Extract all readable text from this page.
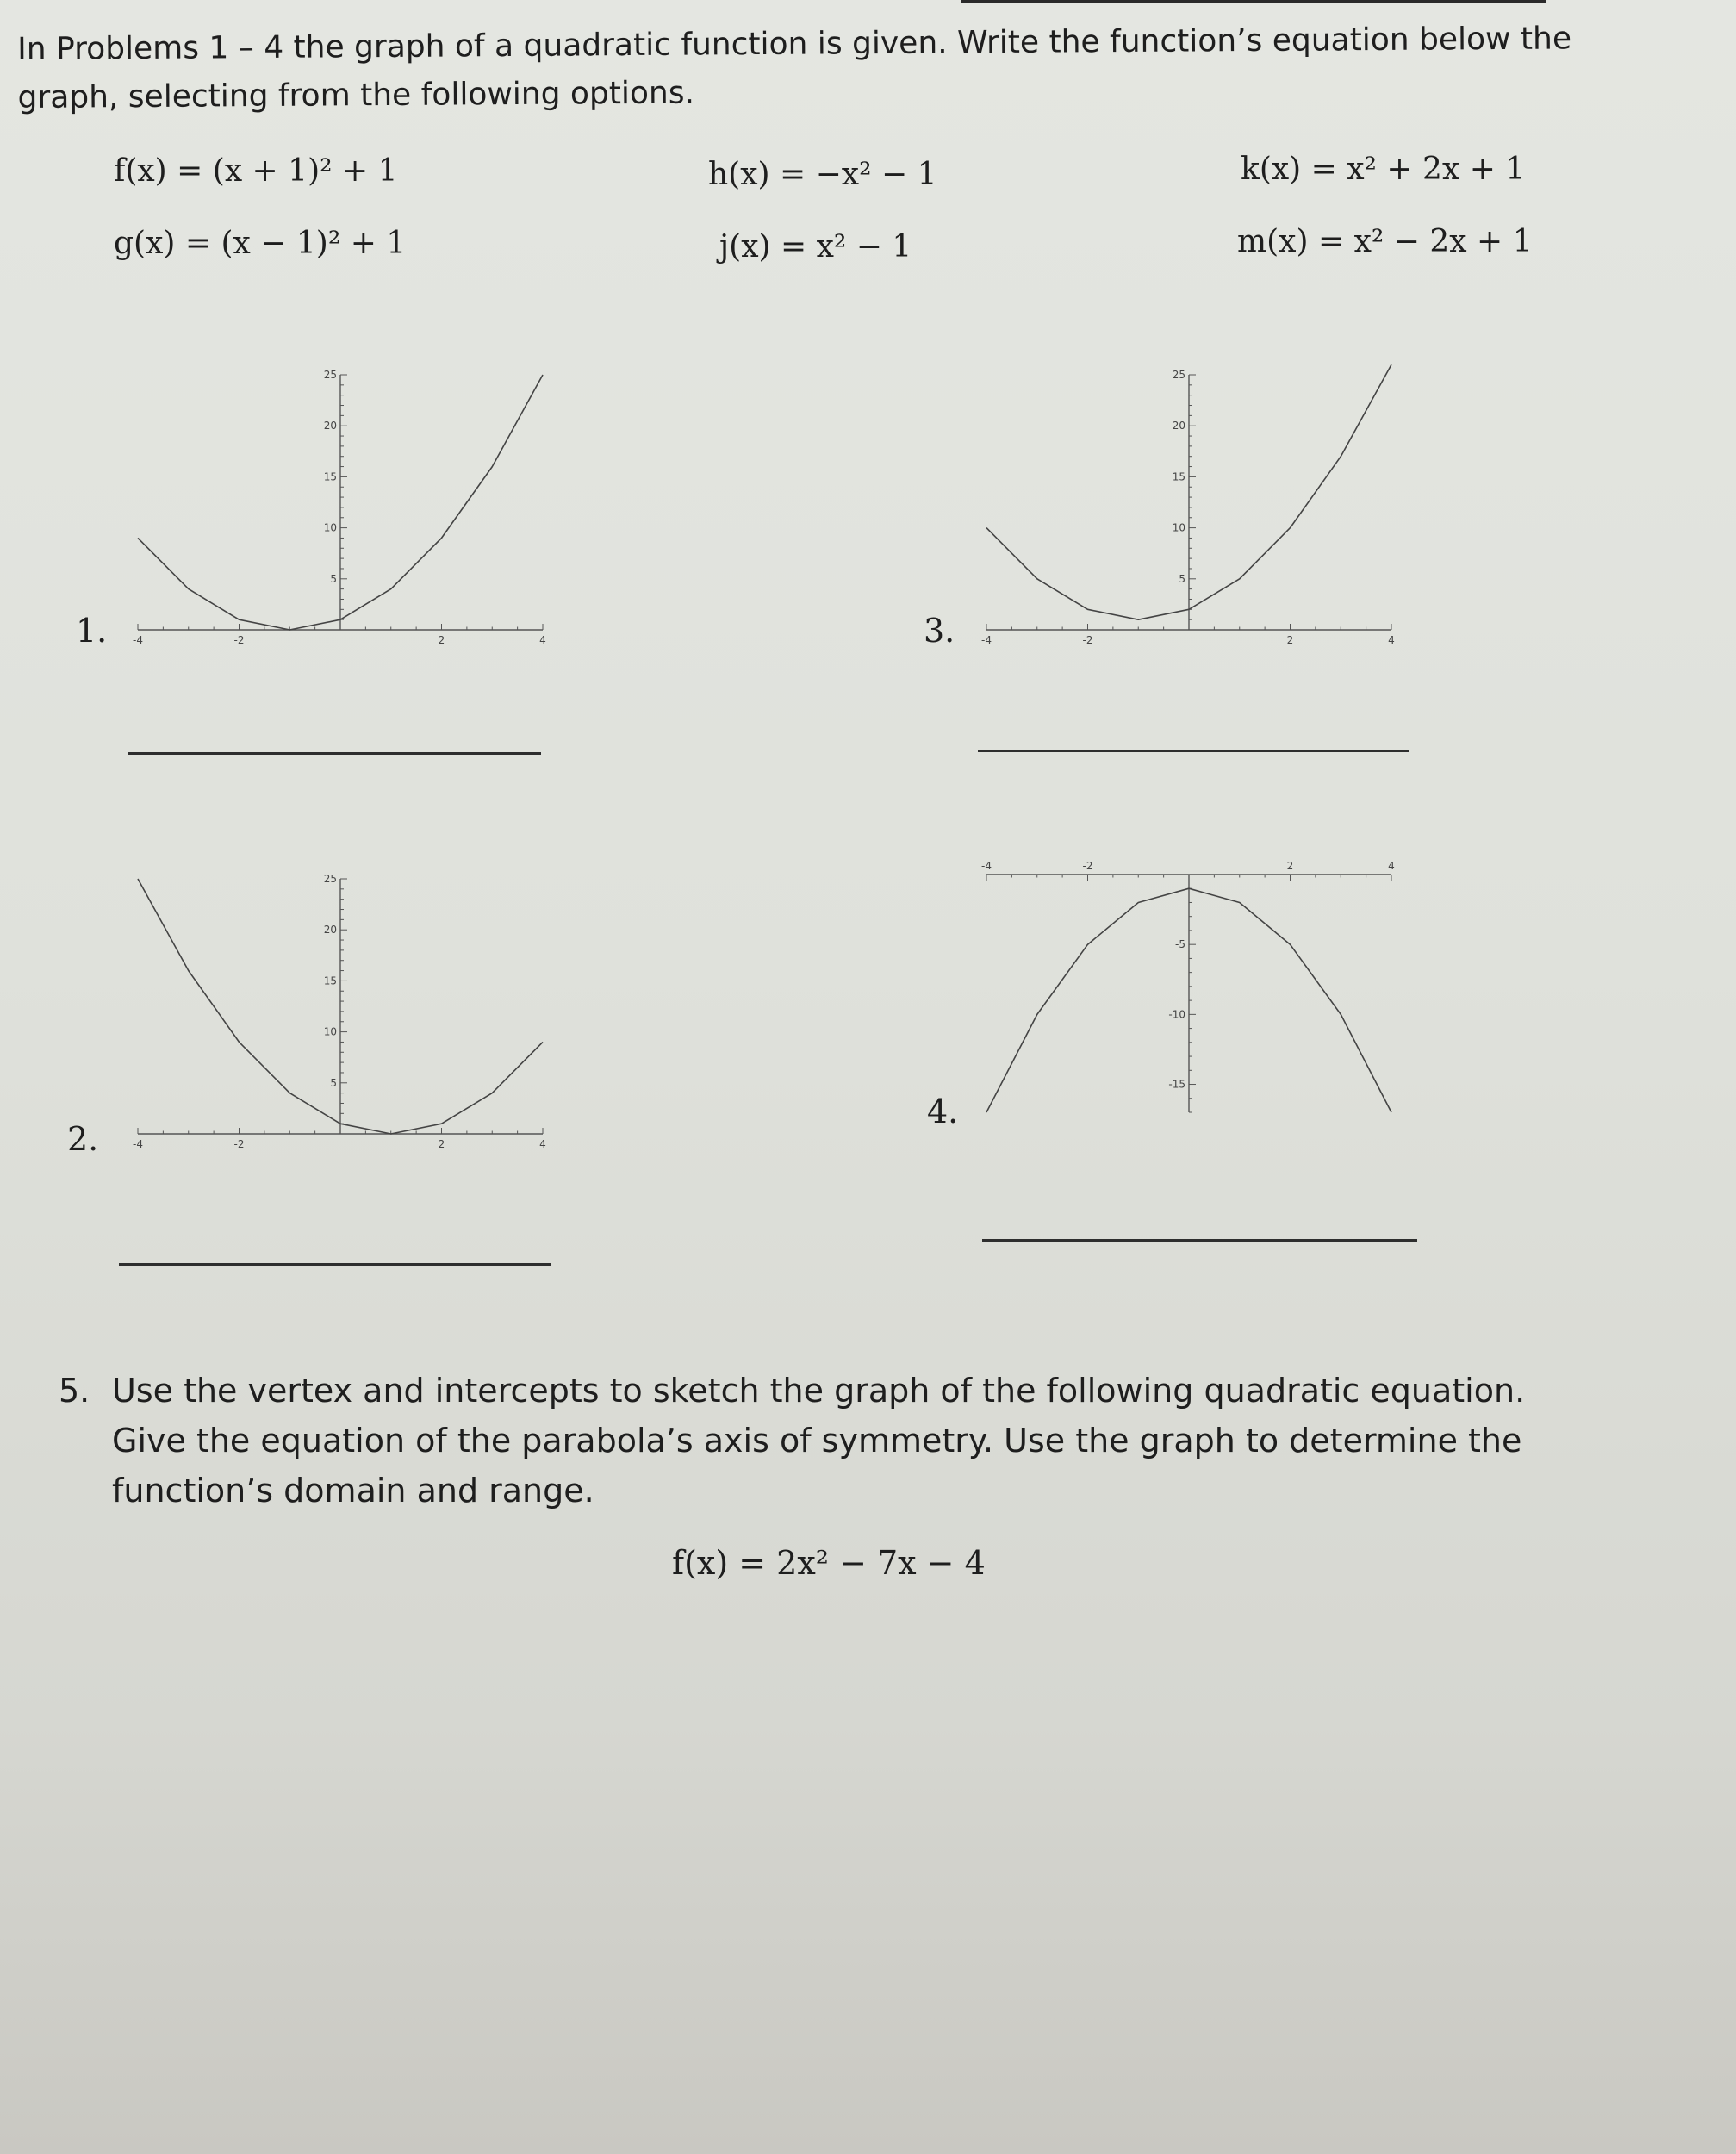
In Problems 1 – 4 the graph of a quadratic function is given. Write the function’s equation below the graph, selecting from the following options.
f(x) = (x + 1)² + 1	h(x) = −x² − 1	k(x) = x² + 2x + 1
g(x) = (x − 1)² + 1	j(x) = x² − 1	m(x) = x² − 2x + 1
1.
2.
3.
4.
-4	-2	2	4
5
10
15
20
25
-4	-2	2	4
5
10
15
20
25
-4	-2	2	4
5
10
15
20
25
-4	-2	2	4
-5
-10
-15
5. Use the vertex and intercepts to sketch the graph of the following quadratic equation. Give the equation of the parabola’s axis of symmetry. Use the graph to determine the function’s domain and range.
f(x) = 2x² − 7x − 4
